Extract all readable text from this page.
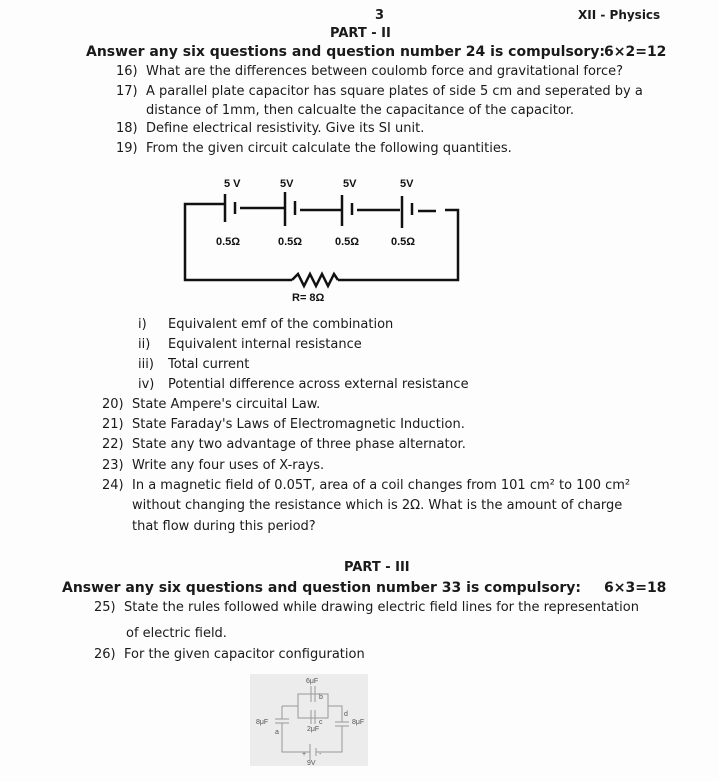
3	XII - Physics
PART - II
Answer any six questions and question number 24 is compulsory:
6×2=12
16) What are the differences between coulomb force and gravitational force?
17) A parallel plate capacitor has square plates of side 5 cm and seperated by a
distance of 1mm, then calcualte the capacitance of the capacitor.
18) Define electrical resistivity. Give its SI unit.
19) From the given circuit calculate the following quantities.
5 V	5V	5V	5V
0.5Ω	0.5Ω	0.5Ω	0.5Ω
R= 8Ω
i) Equivalent emf of the combination
ii) Equivalent internal resistance
iii) Total current
iv) Potential difference across external resistance
20) State Ampere's circuital Law.
21) State Faraday's Laws of Electromagnetic Induction.
22) State any two advantage of three phase alternator.
23) Write any four uses of X-rays.
24) In a magnetic field of 0.05T, area of a coil changes from 101 cm² to 100 cm²
without changing the resistance which is 2Ω. What is the amount of charge
that flow during this period?
PART - III
Answer any six questions and question number 33 is compulsory: 6×3=18
25) State the rules followed while drawing electric field lines for the representation
of electric field.
26) For the given capacitor configuration
6μF
b
c
2μF
8μF
a
d
8μF
+ -
9V
